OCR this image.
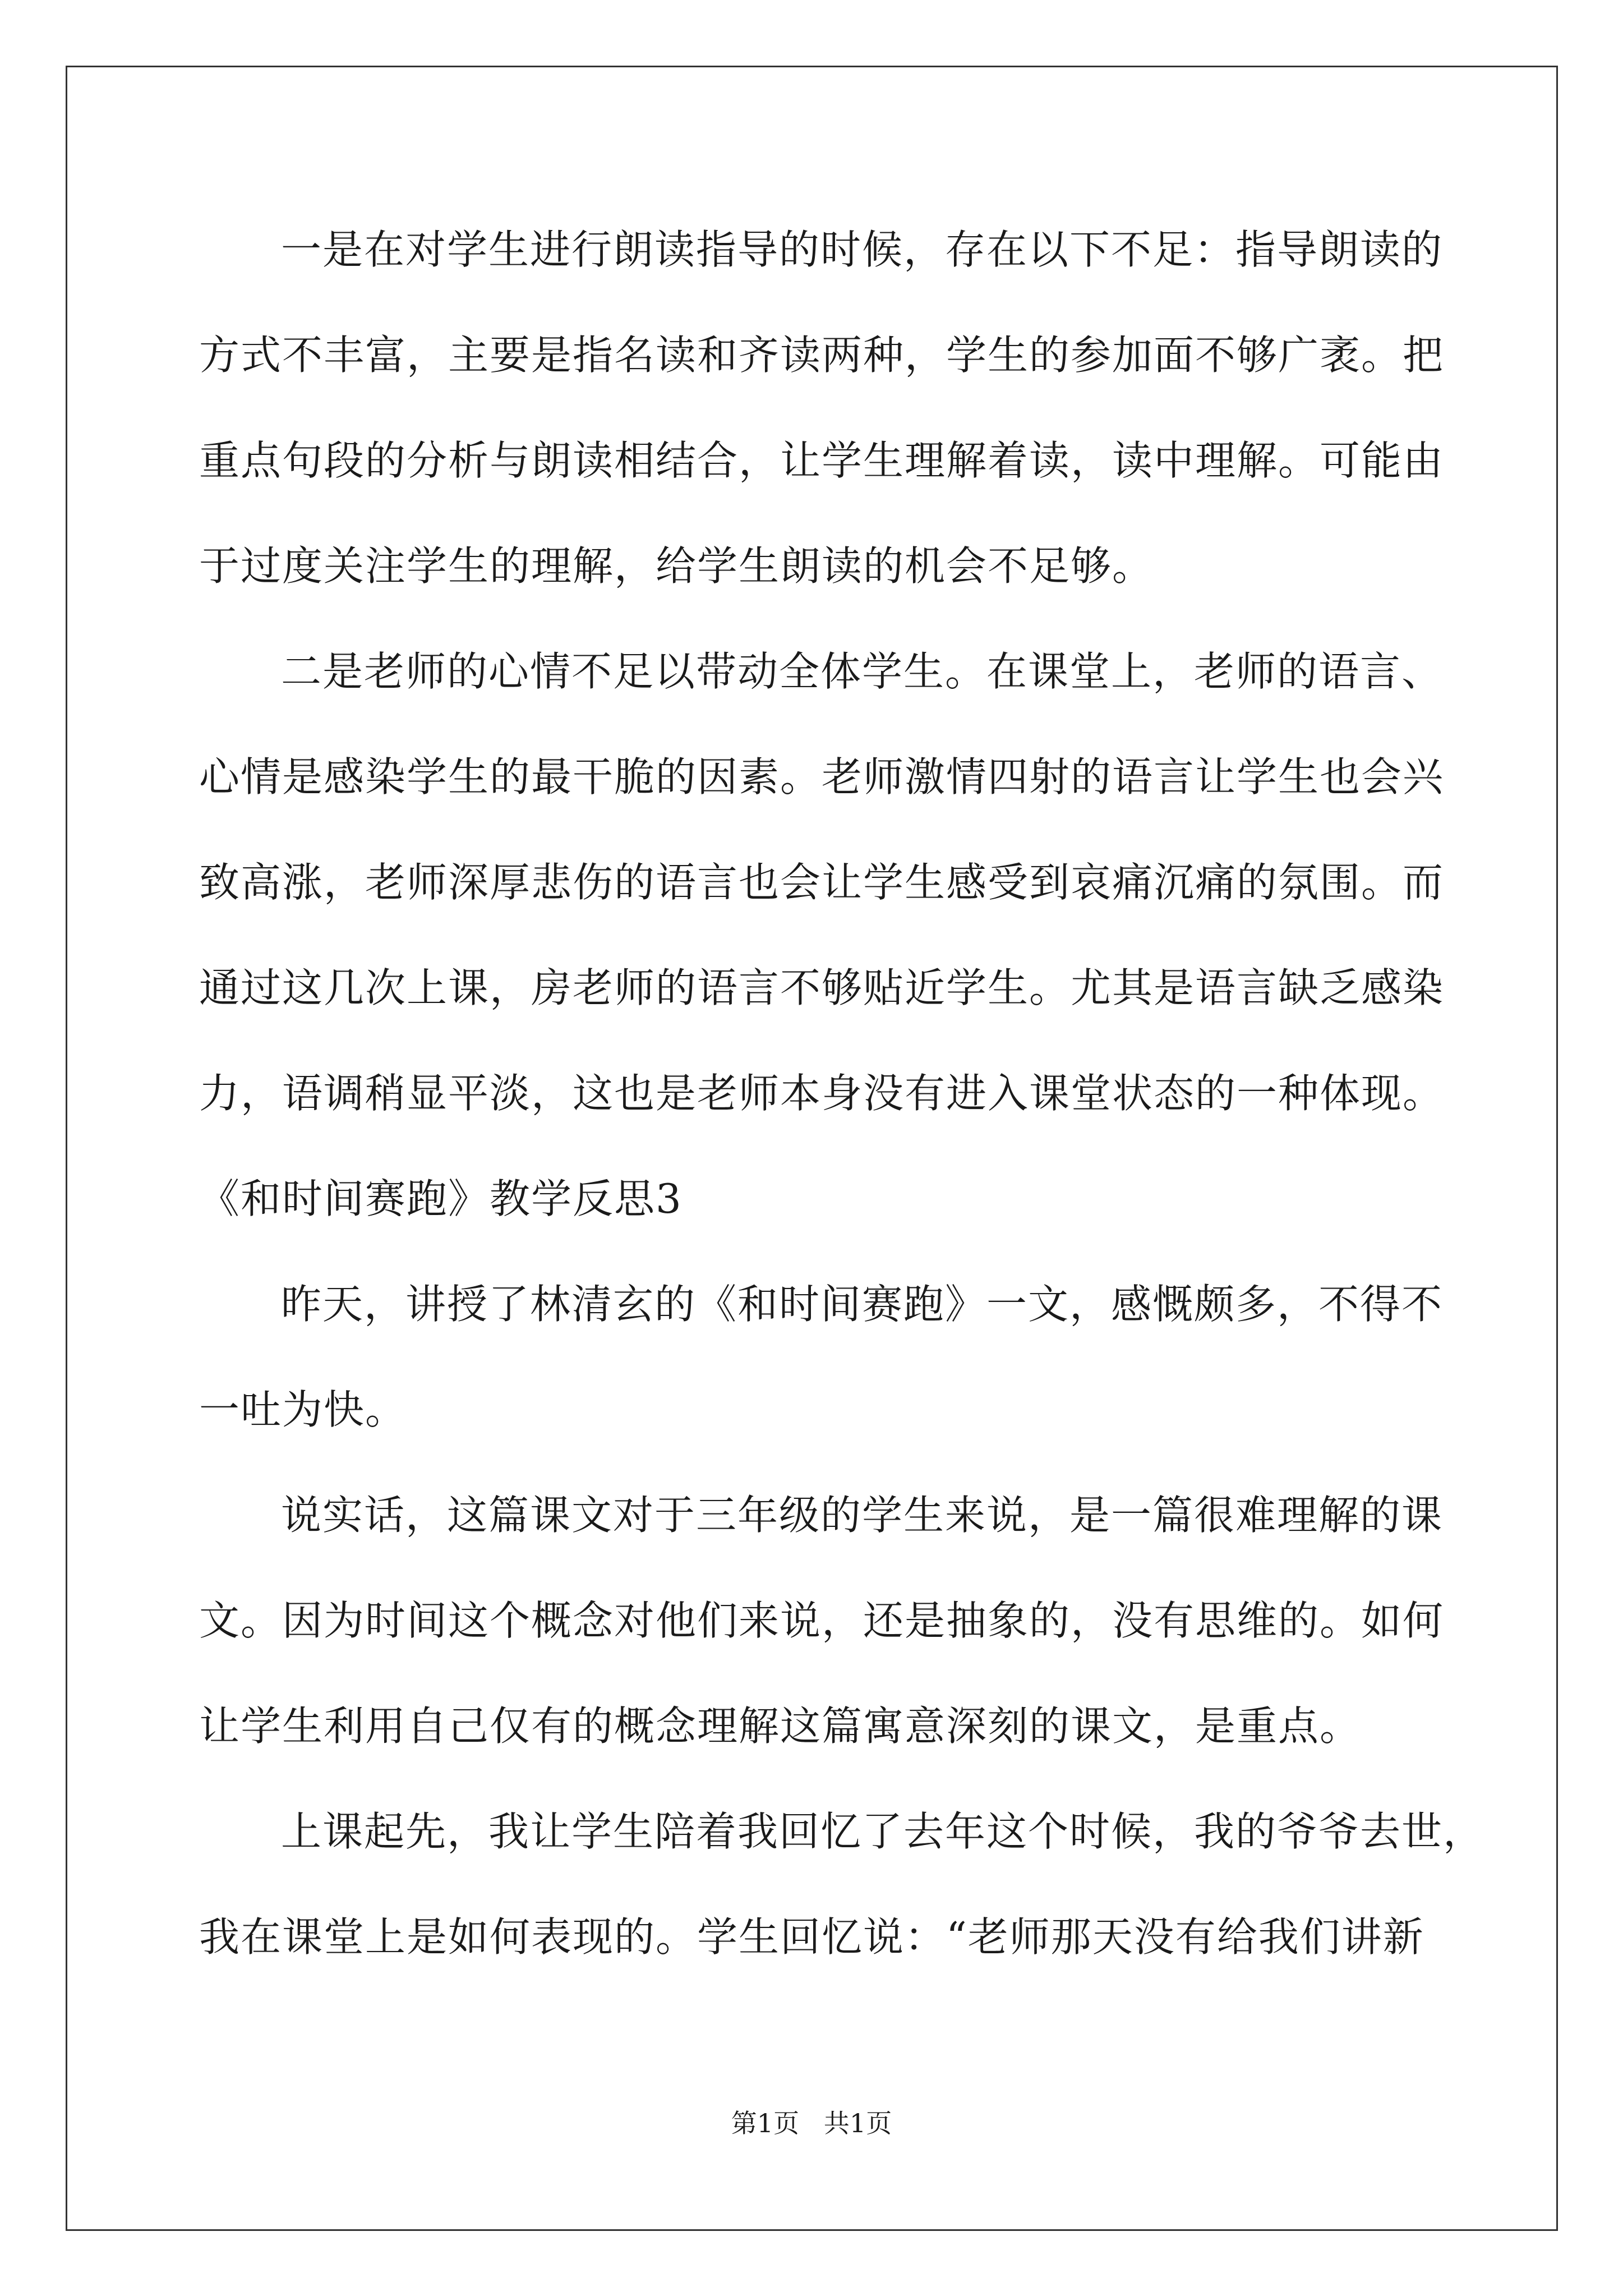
一是在对学生进行朗读指导的时候，存在以下不足：指导朗读的
方式不丰富，主要是指名读和齐读两种，学生的参加面不够广袤。把
重点句段的分析与朗读相结合，让学生理解着读，读中理解。可能由
于过度关注学生的理解，给学生朗读的机会不足够。
二是老师的心情不足以带动全体学生。在课堂上，老师的语言、
心情是感染学生的最干脆的因素。老师激情四射的语言让学生也会兴
致高涨，老师深厚悲伤的语言也会让学生感受到哀痛沉痛的氛围。而
通过这几次上课，房老师的语言不够贴近学生。尤其是语言缺乏感染
力，语调稍显平淡，这也是老师本身没有进入课堂状态的一种体现。
《和时间赛跑》教学反思3
昨天，讲授了林清玄的《和时间赛跑》一文，感慨颇多，不得不
一吐为快。
说实话，这篇课文对于三年级的学生来说，是一篇很难理解的课
文。因为时间这个概念对他们来说，还是抽象的，没有思维的。如何
让学生利用自己仅有的概念理解这篇寓意深刻的课文，是重点。
上课起先，我让学生陪着我回忆了去年这个时候，我的爷爷去世，
我在课堂上是如何表现的。学生回忆说：“老师那天没有给我们讲新
第1页   共1页
